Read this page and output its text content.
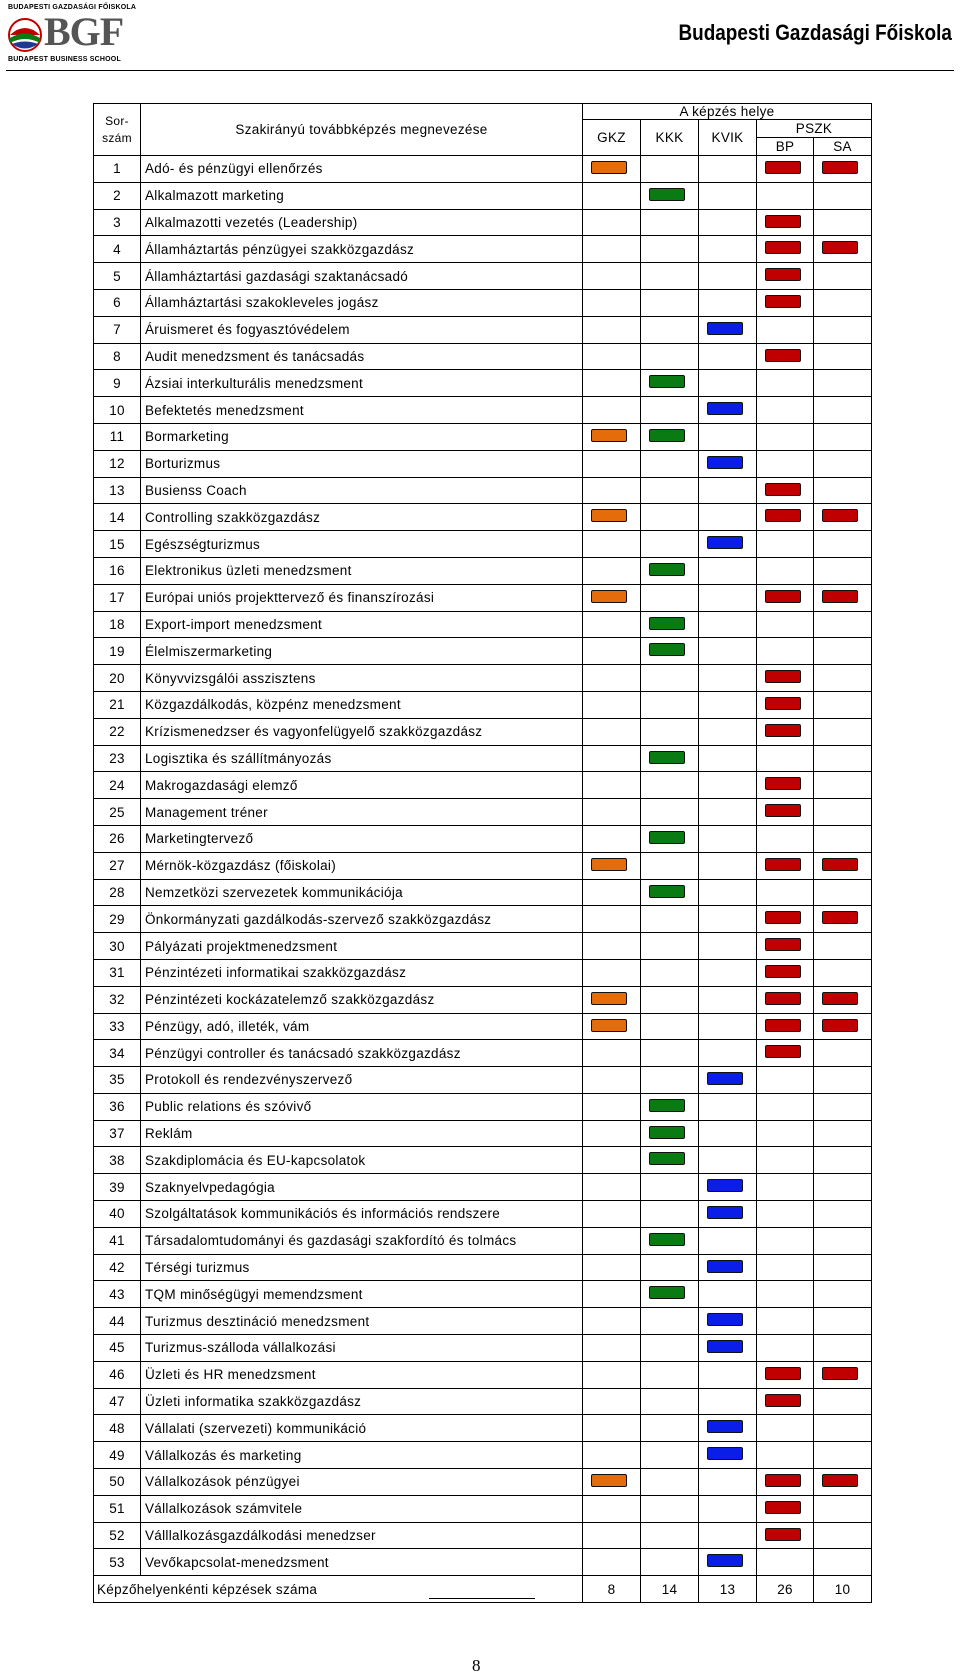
BUDAPESTI GAZDASÁGI FŐISKOLA
BGF
BUDAPEST BUSINESS SCHOOL
Budapesti Gazdasági Főiskola
Sor-
szám	Szakirányú továbbképzés megnevezése	A képzés helye				
		GKZ	KKK	KVIK	PSZK	
					BP	SA
1	Adó- és pénzügyi ellenőrzés	

2	Alkalmazott marketing		

3	Alkalmazotti vezetés (Leadership)				

4	Államháztartás pénzügyei szakközgazdász				

5	Államháztartási gazdasági szaktanácsadó				

6	Államháztartási szakokleveles jogász				

7	Áruismeret és fogyasztóvédelem			

8	Audit menedzsment és tanácsadás				

9	Ázsiai interkulturális menedzsment		

10	Befektetés menedzsment			

11	Bormarketing	

12	Borturizmus			

13	Busienss Coach				

14	Controlling szakközgazdász	

15	Egészségturizmus			

16	Elektronikus üzleti menedzsment		

17	Európai uniós projekttervező és finanszírozási	

18	Export-import menedzsment		

19	Élelmiszermarketing		

20	Könyvvizsgálói asszisztens				

21	Közgazdálkodás, közpénz menedzsment				

22	Krízismenedzser és vagyonfelügyelő szakközgazdász				

23	Logisztika és szállítmányozás		

24	Makrogazdasági elemző				

25	Management tréner				

26	Marketingtervező		

27	Mérnök-közgazdász (főiskolai)	

28	Nemzetközi szervezetek kommunikációja		

29	Önkormányzati gazdálkodás-szervező szakközgazdász				

30	Pályázati projektmenedzsment				

31	Pénzintézeti informatikai szakközgazdász				

32	Pénzintézeti kockázatelemző szakközgazdász	

33	Pénzügy, adó, illeték, vám	

34	Pénzügyi controller és tanácsadó szakközgazdász				

35	Protokoll és rendezvényszervező			

36	Public relations és szóvivő		

37	Reklám		

38	Szakdiplomácia és EU-kapcsolatok		

39	Szaknyelvpedagógia			

40	Szolgáltatások kommunikációs és információs rendszere			

41	Társadalomtudományi és gazdasági szakfordító és tolmács		

42	Térségi turizmus			

43	TQM minőségügyi memendzsment		

44	Turizmus desztináció menedzsment			

45	Turizmus-szálloda vállalkozási			

46	Üzleti és HR menedzsment				

47	Üzleti informatika szakközgazdász				

48	Vállalati (szervezeti) kommunikáció			

49	Vállalkozás és marketing			

50	Vállalkozások pénzügyei	

51	Vállalkozások számvitele				

52	Válllalkozásgazdálkodási menedzser				

53	Vevőkapcsolat-menedzsment			

Képzőhelyenkénti képzések száma		8	14	13	26	10
8
